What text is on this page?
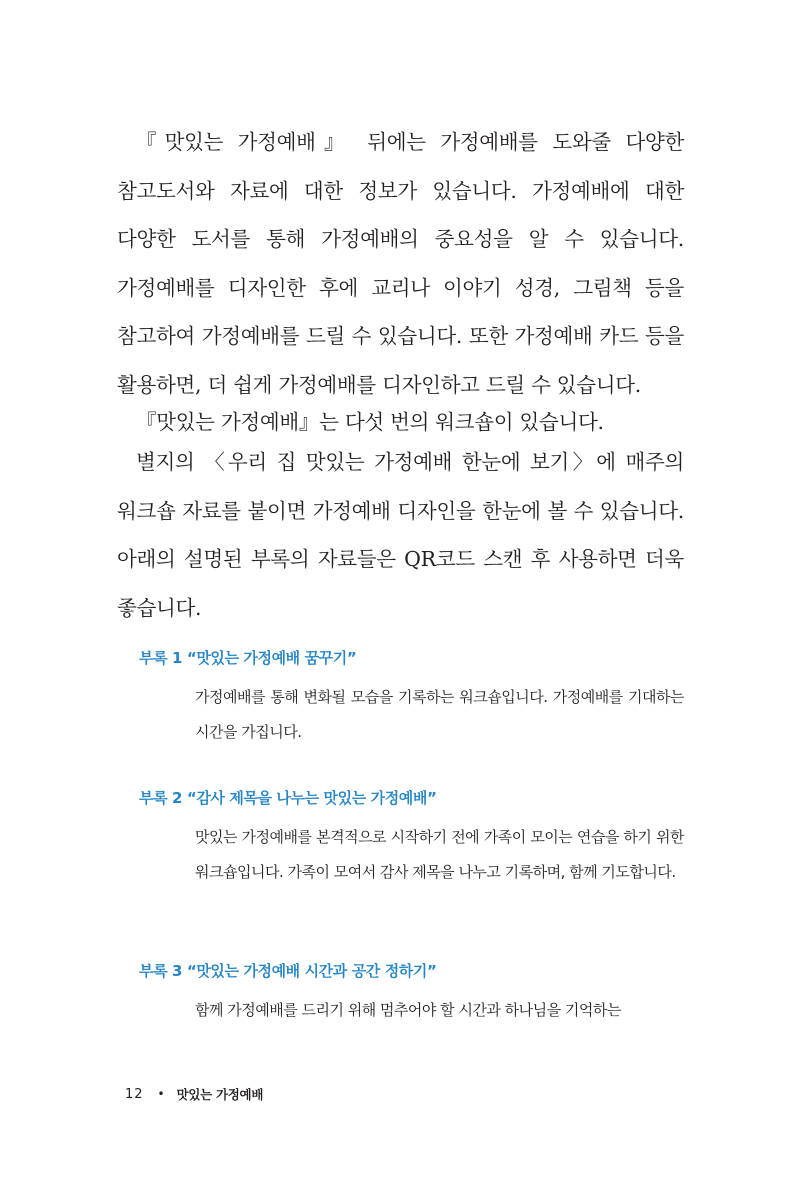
『맛있는 가정예배』 뒤에는 가정예배를 도와줄 다양한 참고도서와 자료에 대한 정보가 있습니다. 가정예배에 대한 다양한 도서를 통해 가정예배의 중요성을 알 수 있습니다. 가정예배를 디자인한 후에 교리나 이야기 성경, 그림책 등을 참고하여 가정예배를 드릴 수 있습니다. 또한 가정예배 카드 등을 활용하면, 더 쉽게 가정예배를 디자인하고 드릴 수 있습니다.

『맛있는 가정예배』는 다섯 번의 워크숍이 있습니다.

별지의 〈우리 집 맛있는 가정예배 한눈에 보기〉에 매주의 워크숍 자료를 붙이면 가정예배 디자인을 한눈에 볼 수 있습니다. 아래의 설명된 부록의 자료들은 QR코드 스캔 후 사용하면 더욱 좋습니다.

부록 1 “맛있는 가정예배 꿈꾸기”

가정예배를 통해 변화될 모습을 기록하는 워크숍입니다. 가정예배를 기대하는 시간을 가집니다.

부록 2 “감사 제목을 나누는 맛있는 가정예배”

맛있는 가정예배를 본격적으로 시작하기 전에 가족이 모이는 연습을 하기 위한 워크숍입니다. 가족이 모여서 감사 제목을 나누고 기록하며, 함께 기도합니다.

부록 3 “맛있는 가정예배 시간과 공간 정하기”

함께 가정예배를 드리기 위해 멈추어야 할 시간과 하나님을 기억하는

12 • 맛있는 가정예배
